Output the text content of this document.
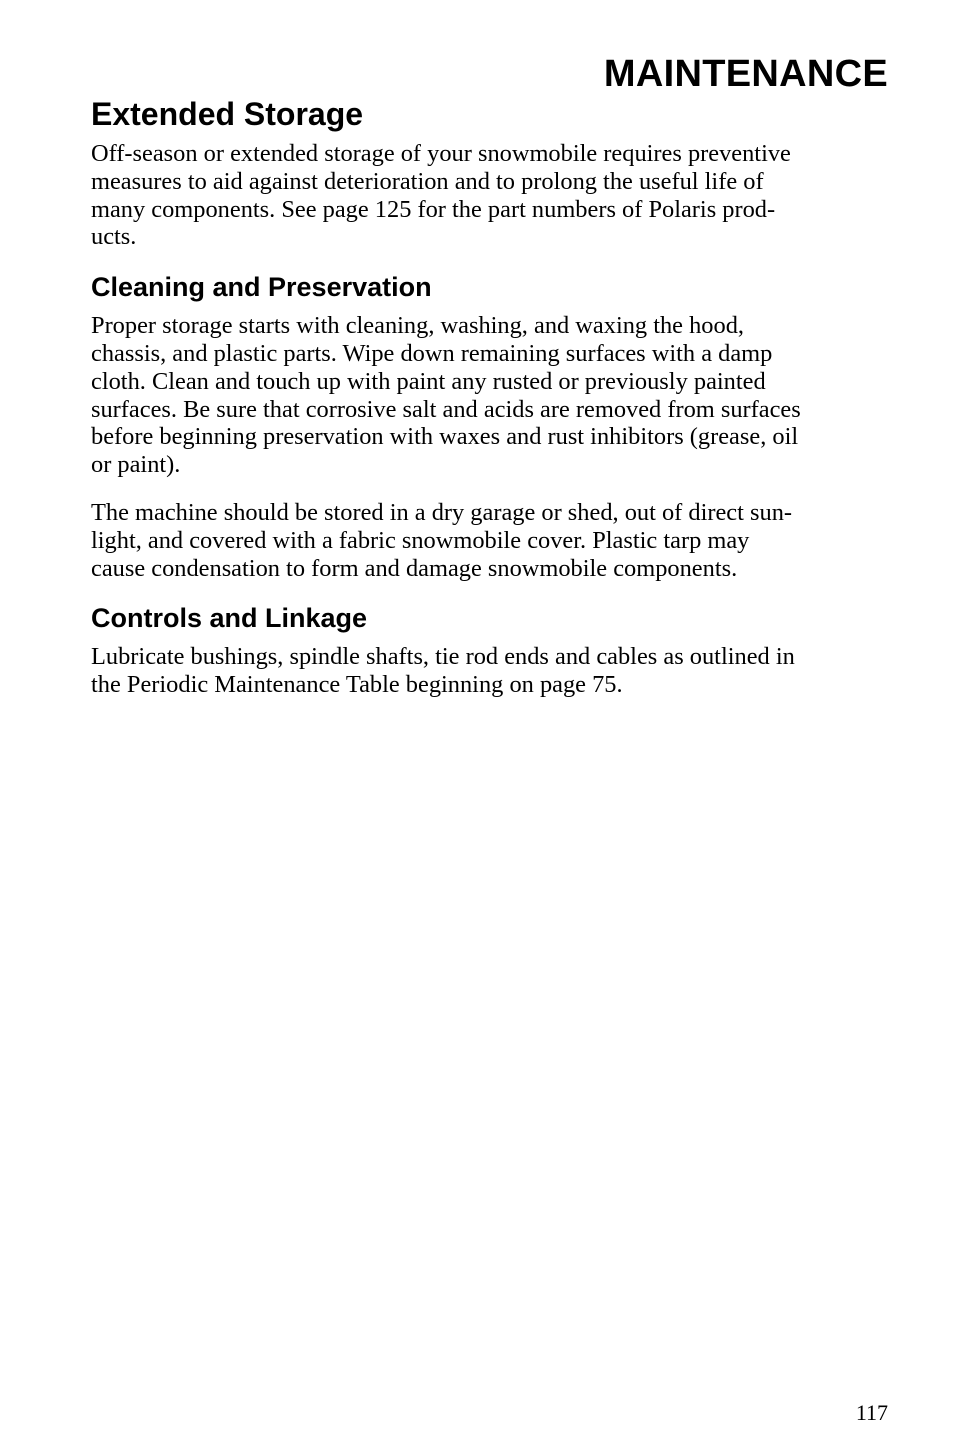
MAINTENANCE
Extended Storage

Off-season or extended storage of your snowmobile requires preventive
measures to aid against deterioration and to prolong the useful life of
many components. See page 125 for the part numbers of Polaris prod-
ucts.

Cleaning and Preservation

Proper storage starts with cleaning, washing, and waxing the hood,
chassis, and plastic parts. Wipe down remaining surfaces with a damp
cloth. Clean and touch up with paint any rusted or previously painted
surfaces. Be sure that corrosive salt and acids are removed from surfaces
before beginning preservation with waxes and rust inhibitors (grease, oil
or paint).

The machine should be stored in a dry garage or shed, out of direct sun-
light, and covered with a fabric snowmobile cover. Plastic tarp may
cause condensation to form and damage snowmobile components.

Controls and Linkage

Lubricate bushings, spindle shafts, tie rod ends and cables as outlined in
the Periodic Maintenance Table beginning on page 75.

117
